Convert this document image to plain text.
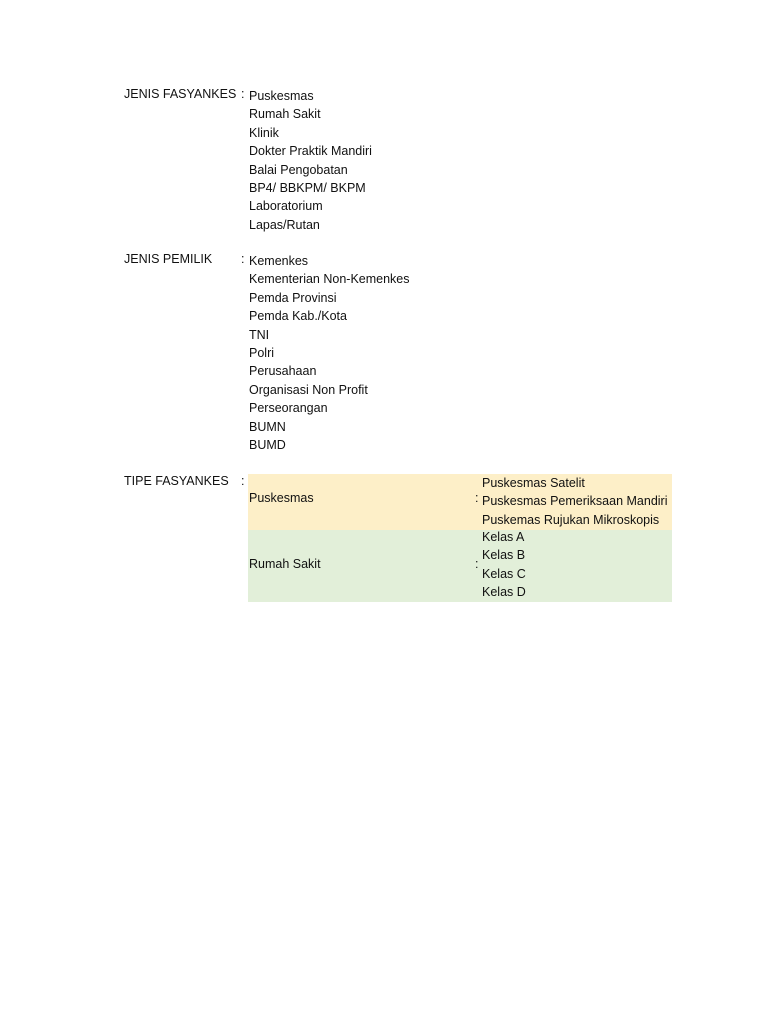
JENIS FASYANKES : Puskesmas
Rumah Sakit
Klinik
Dokter Praktik Mandiri
Balai Pengobatan
BP4/ BBKPM/ BKPM
Laboratorium
Lapas/Rutan
JENIS PEMILIK : Kemenkes
Kementerian Non-Kemenkes
Pemda Provinsi
Pemda Kab./Kota
TNI
Polri
Perusahaan
Organisasi Non Profit
Perseorangan
BUMN
BUMD
TIPE FASYANKES :
Puskesmas	:
Puskesmas Satelit
Puskesmas Pemeriksaan Mandiri
Puskemas Rujukan Mikroskopis
Rumah Sakit	:
Kelas A
Kelas B
Kelas C
Kelas D
